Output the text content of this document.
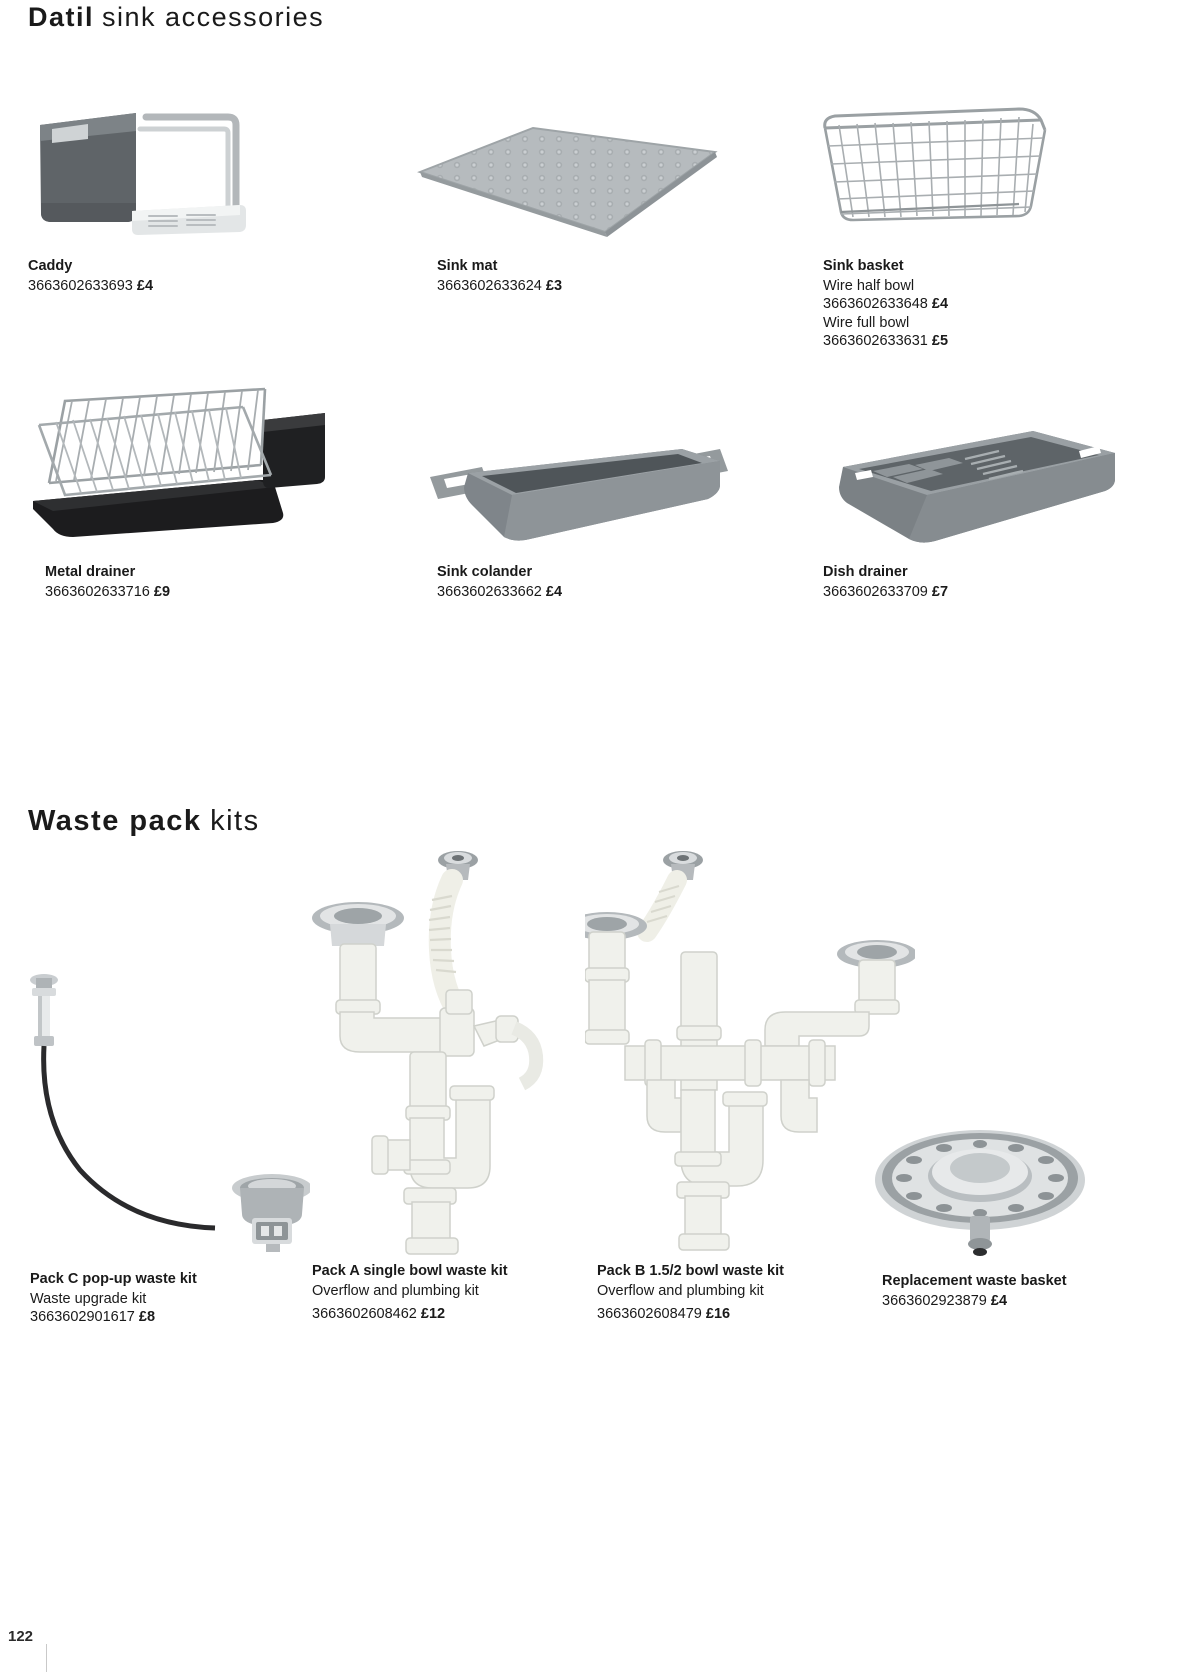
Datil sink accessories
Caddy
3663602633693 £4
Sink mat
3663602633624 £3
Sink basket
Wire half bowl
3663602633648 £4
Wire full bowl
3663602633631 £5
Metal drainer
3663602633716 £9
Sink colander
3663602633662 £4
Dish drainer
3663602633709 £7
Waste pack kits
Pack C pop-up waste kit
Waste upgrade kit
3663602901617 £8
Pack A single bowl waste kit
Overflow and plumbing kit
3663602608462 £12
Pack B 1.5/2 bowl waste kit
Overflow and plumbing kit
3663602608479 £16
Replacement waste basket
3663602923879 £4
122
